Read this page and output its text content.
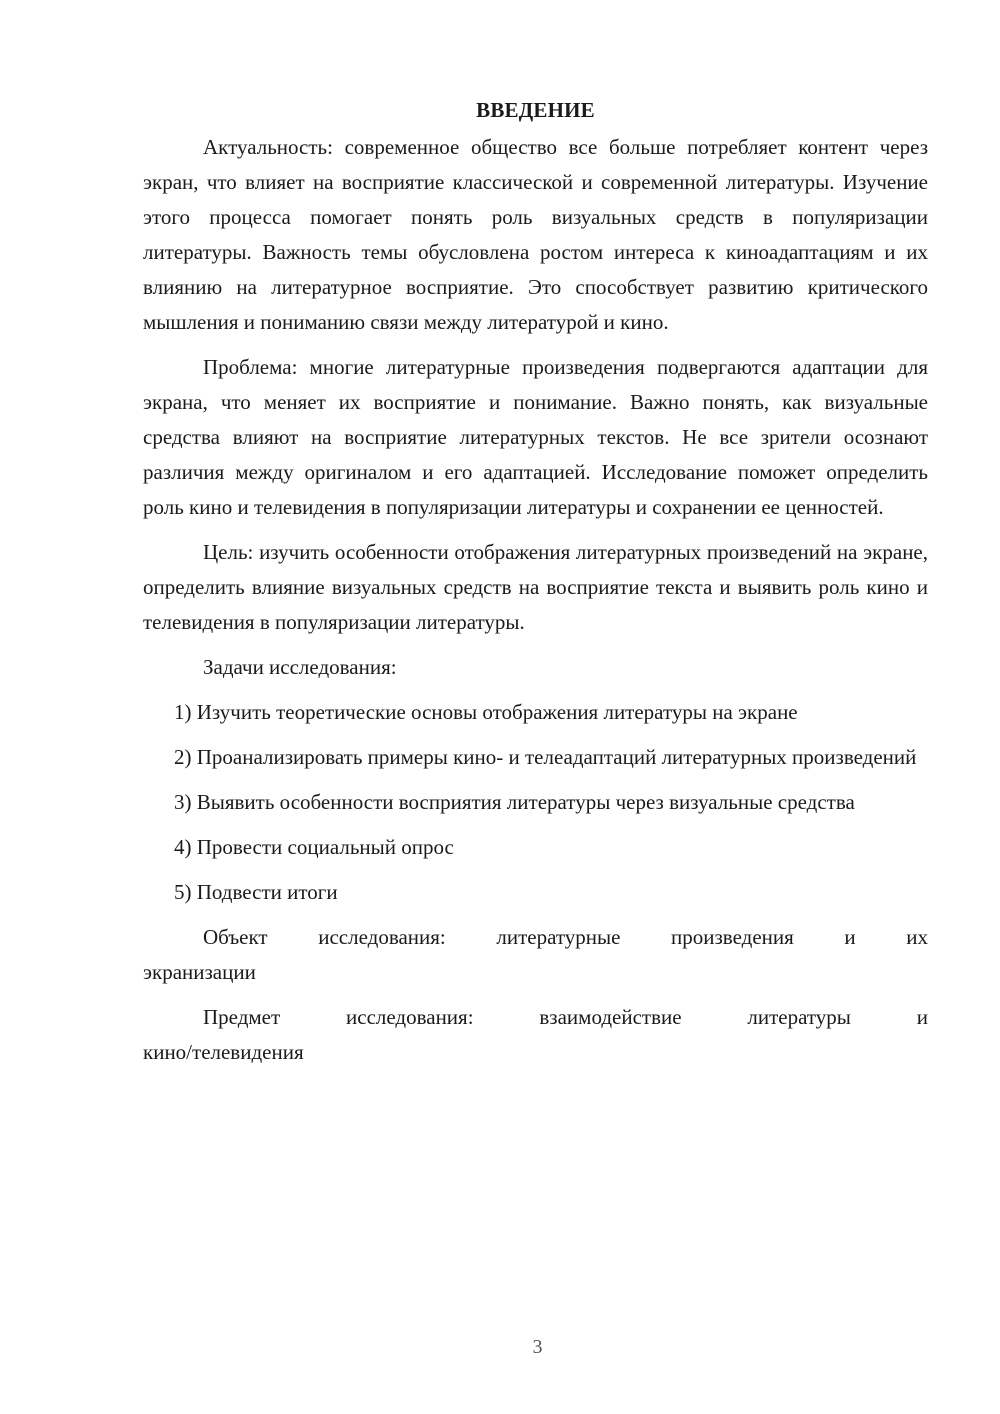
ВВЕДЕНИЕ

Актуальность: современное общество все больше потребляет контент через экран, что влияет на восприятие классической и современной литературы. Изучение этого процесса помогает понять роль визуальных средств в популяризации литературы. Важность темы обусловлена ростом интереса к киноадаптациям и их влиянию на литературное восприятие. Это способствует развитию критического мышления и пониманию связи между литературой и кино.

Проблема: многие литературные произведения подвергаются адаптации для экрана, что меняет их восприятие и понимание. Важно понять, как визуальные средства влияют на восприятие литературных текстов. Не все зрители осознают различия между оригиналом и его адаптацией. Исследование поможет определить роль кино и телевидения в популяризации литературы и сохранении ее ценностей.

Цель: изучить особенности отображения литературных произведений на экране, определить влияние визуальных средств на восприятие текста и выявить роль кино и телевидения в популяризации литературы.

Задачи исследования:

1) Изучить теоретические основы отображения литературы на экране

2) Проанализировать примеры кино- и телеадаптаций литературных произведений

3) Выявить особенности восприятия литературы через визуальные средства

4) Провести социальный опрос

5) Подвести итоги

Объект исследования: литературные произведения и их
экранизации
Предмет исследования: взаимодействие литературы и
кино/телевидения
3
